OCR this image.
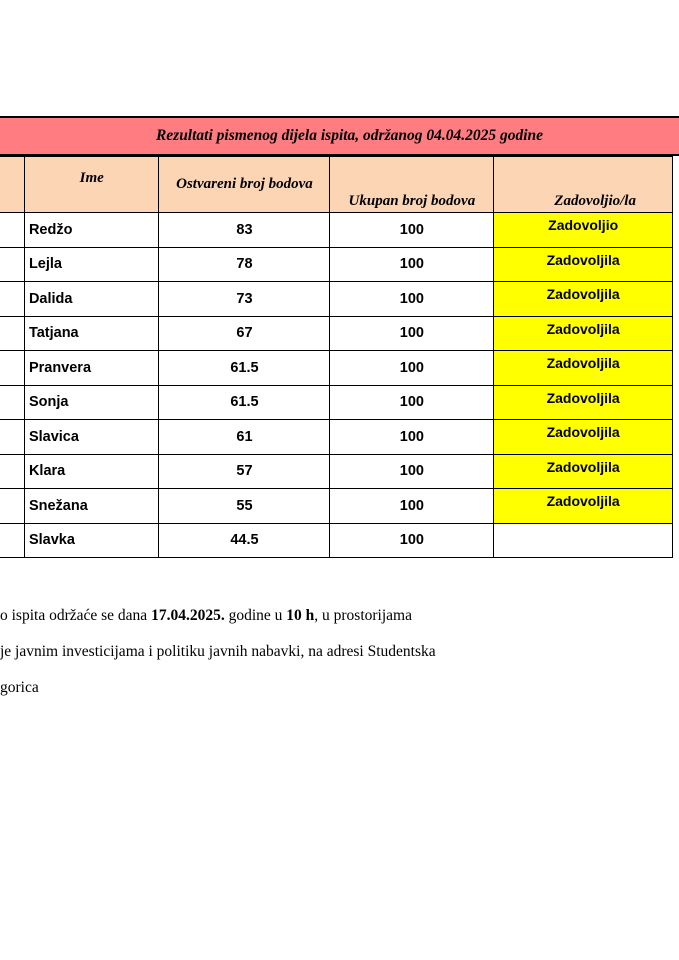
Rezultati pismenog dijela ispita, održanog 04.04.2025 godine
	Ime	Ostvareni broj bodova	Ukupan broj bodova	Zadovoljio/la
	Redžo	83	100	Zadovoljio
	Lejla	78	100	Zadovoljila
	Dalida	73	100	Zadovoljila
	Tatjana	67	100	Zadovoljila
	Pranvera	61.5	100	Zadovoljila
	Sonja	61.5	100	Zadovoljila
	Slavica	61	100	Zadovoljila
	Klara	57	100	Zadovoljila
	Snežana	55	100	Zadovoljila
	Slavka	44.5	100	
o ispita održaće se dana 17.04.2025. godine u 10 h, u prostorijama
je javnim investicijama i politiku javnih nabavki, na adresi Studentska
gorica
